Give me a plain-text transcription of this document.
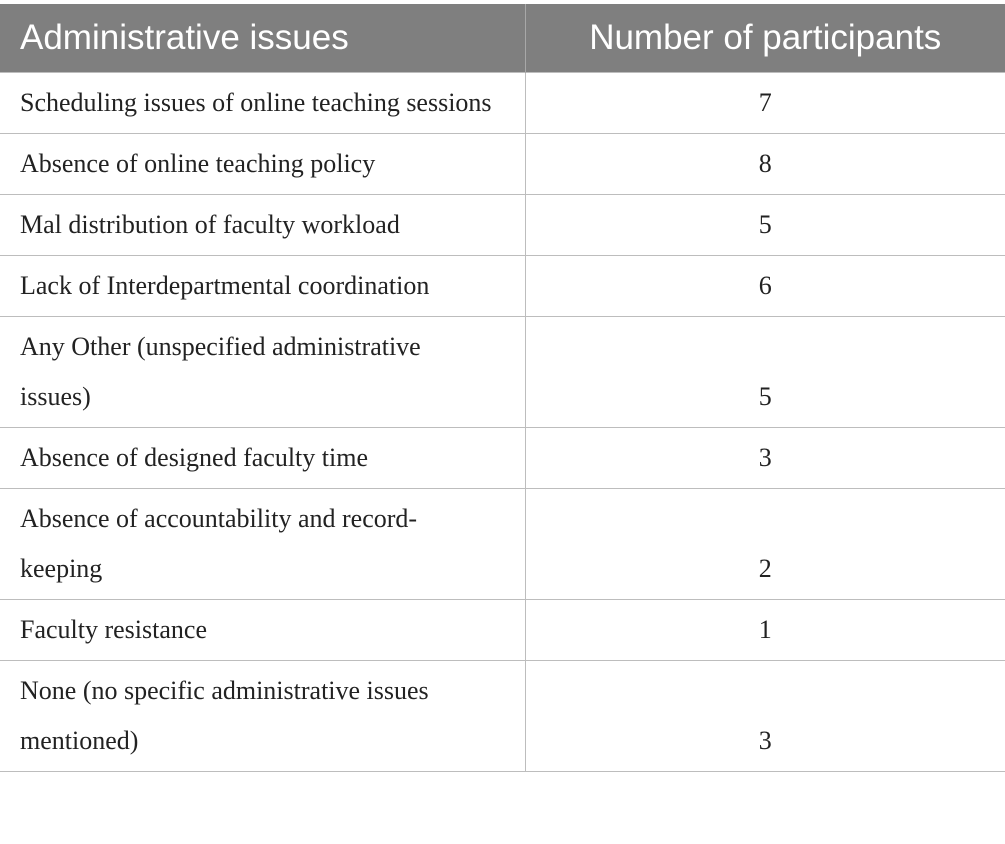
Administrative issues	Number of participants
Scheduling issues of online teaching sessions	7
Absence of online teaching policy	8
Mal distribution of faculty workload	5
Lack of Interdepartmental coordination	6
Any Other (unspecified administrative issues)	5
Absence of designed faculty time	3
Absence of accountability and record-keeping	2
Faculty resistance	1
None (no specific administrative issues mentioned)	3
